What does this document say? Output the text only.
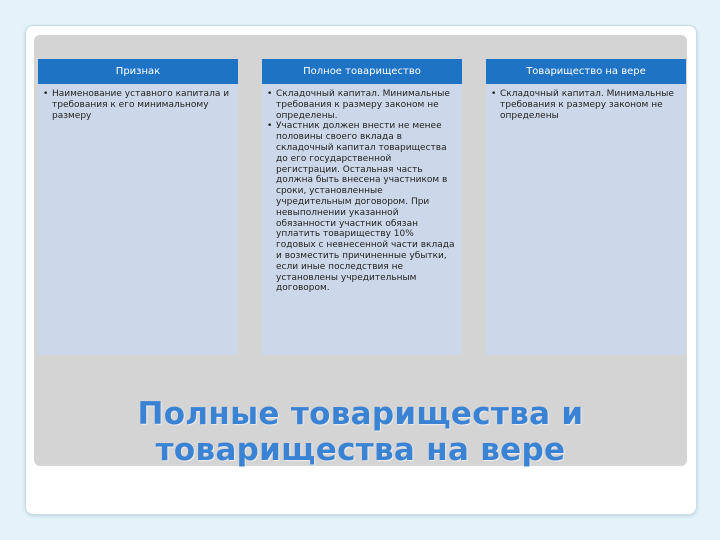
Признак

• Наименование уставного капитала и требования к его минимальному размеру

Полное товарищество

• Складочный капитал. Минимальные требования к размеру законом не определены.

• Участник должен внести не менее половины своего вклада в складочный капитал товарищества до его государственной регистрации. Остальная часть должна быть внесена участником в сроки, установленные учредительным договором. При невыполнении указанной обязанности участник обязан уплатить товариществу 10% годовых с невнесенной части вклада и возместить причиненные убытки, если иные последствия не установлены учредительным договором.

Товарищество на вере

• Складочный капитал. Минимальные требования к размеру законом не определены

Полные товарищества и
товарищества на вере
